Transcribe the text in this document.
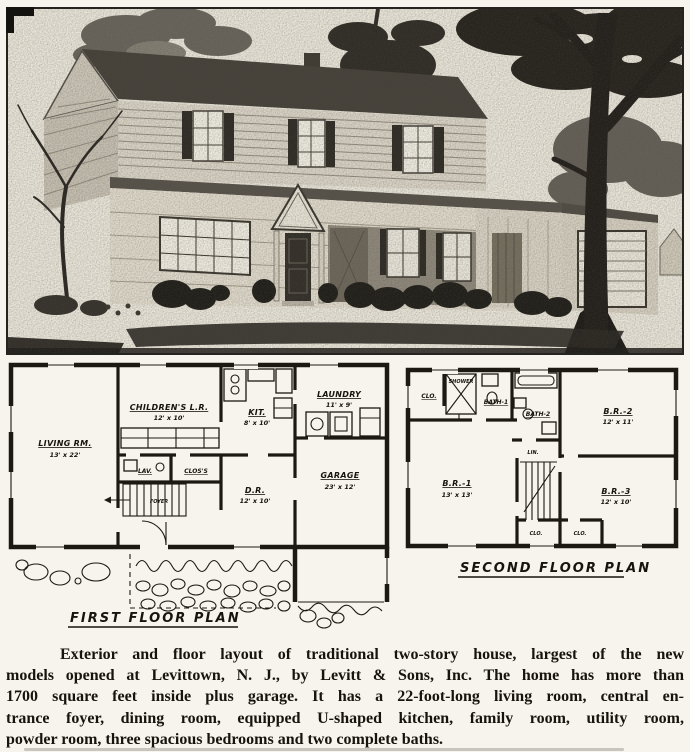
LIVING RM.
13' x 22'
CHILDREN'S L.R.
12' x 10'
KIT.
8' x 10'
LAUNDRY
11' x 9'
LAV.	CLOS'S
FOYER
D.R.
12' x 10'
GARAGE
23' x 12'
FIRST FLOOR PLAN
CLO.
SHOWER
BATH-1
BATH-2	B.R.-2
12' x 11'
B.R.-1
13' x 13'	B.R.-3
12' x 10'
LIN.
CLO.	CLO.
SECOND FLOOR PLAN
Exterior and floor layout of traditional two-story house, largest of the new
models opened at Levittown, N. J., by Levitt & Sons, Inc. The home has more than
1700 square feet inside plus garage. It has a 22-foot-long living room, central en-
trance foyer, dining room, equipped U-shaped kitchen, family room, utility room,
powder room, three spacious bedrooms and two complete baths.
